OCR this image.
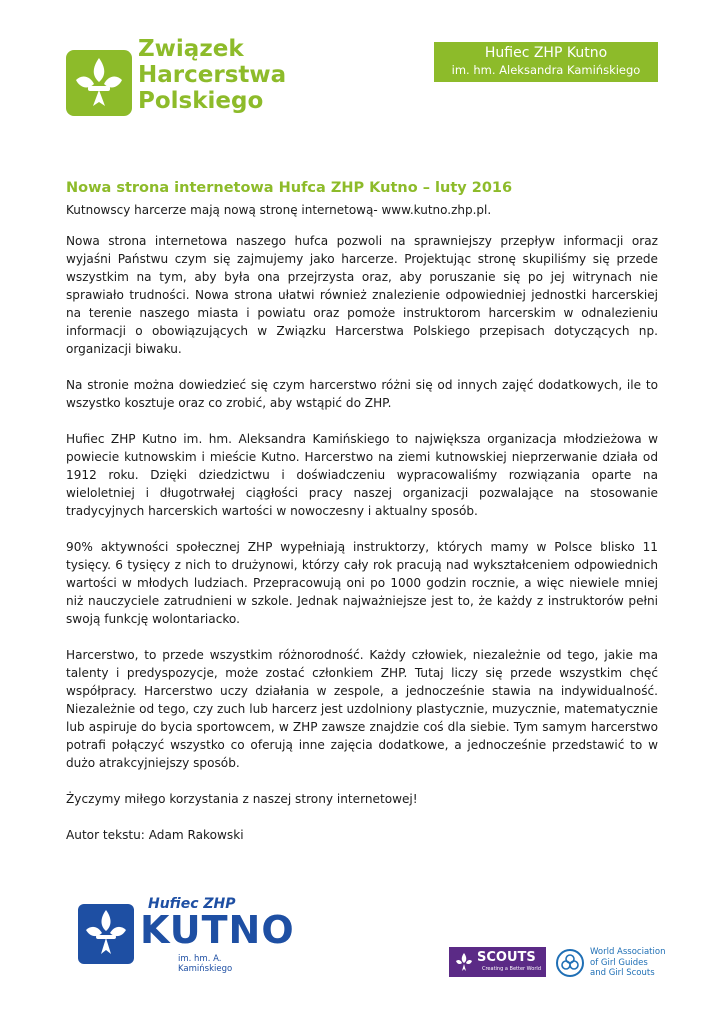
Związek
Harcerstwa
Polskiego
Hufiec ZHP Kutno
im. hm. Aleksandra Kamińskiego
Nowa strona internetowa Hufca ZHP Kutno – luty 2016
Kutnowscy harcerze mają nową stronę internetową- www.kutno.zhp.pl.

Nowa strona internetowa naszego hufca pozwoli na sprawniejszy przepływ informacji oraz wyjaśni Państwu czym się zajmujemy jako harcerze. Projektując stronę skupiliśmy się przede wszystkim na tym, aby była ona przejrzysta oraz, aby poruszanie się po jej witrynach nie sprawiało trudności. Nowa strona ułatwi również znalezienie odpowiedniej jednostki harcerskiej na terenie naszego miasta i powiatu oraz pomoże instruktorom harcerskim w odnalezieniu informacji o obowiązujących w Związku Harcerstwa Polskiego przepisach dotyczących np. organizacji biwaku.

Na stronie można dowiedzieć się czym harcerstwo różni się od innych zajęć dodatkowych, ile to wszystko kosztuje oraz co zrobić, aby wstąpić do ZHP.

Hufiec ZHP Kutno im. hm. Aleksandra Kamińskiego to największa organizacja młodzieżowa w powiecie kutnowskim i mieście Kutno. Harcerstwo na ziemi kutnowskiej nieprzerwanie działa od 1912 roku. Dzięki dziedzictwu i doświadczeniu wypracowaliśmy rozwiązania oparte na wieloletniej i długotrwałej ciągłości pracy naszej organizacji pozwalające na stosowanie tradycyjnych harcerskich wartości w nowoczesny i aktualny sposób.

90% aktywności społecznej ZHP wypełniają instruktorzy, których mamy w Polsce blisko 11 tysięcy. 6 tysięcy z nich to drużynowi, którzy cały rok pracują nad wykształceniem odpowiednich wartości w młodych ludziach. Przepracowują oni po 1000 godzin rocznie, a więc niewiele mniej niż nauczyciele zatrudnieni w szkole. Jednak najważniejsze jest to, że każdy z instruktorów pełni swoją funkcję wolontariacko.

Harcerstwo, to przede wszystkim różnorodność. Każdy człowiek, niezależnie od tego, jakie ma talenty i predyspozycje, może zostać członkiem ZHP. Tutaj liczy się przede wszystkim chęć współpracy. Harcerstwo uczy działania w zespole, a jednocześnie stawia na indywidualność. Niezależnie od tego, czy zuch lub harcerz jest uzdolniony plastycznie, muzycznie, matematycznie lub aspiruje do bycia sportowcem, w ZHP zawsze znajdzie coś dla siebie. Tym samym harcerstwo potrafi połączyć wszystko co oferują inne zajęcia dodatkowe, a jednocześnie przedstawić to w dużo atrakcyjniejszy sposób.

Życzymy miłego korzystania z naszej strony internetowej!

Autor tekstu: Adam Rakowski

Hufiec ZHP
KUTNO
im. hm. A. Kamińskiego
SCOUTS
Creating a Better World
World Association
of Girl Guides
and Girl Scouts
